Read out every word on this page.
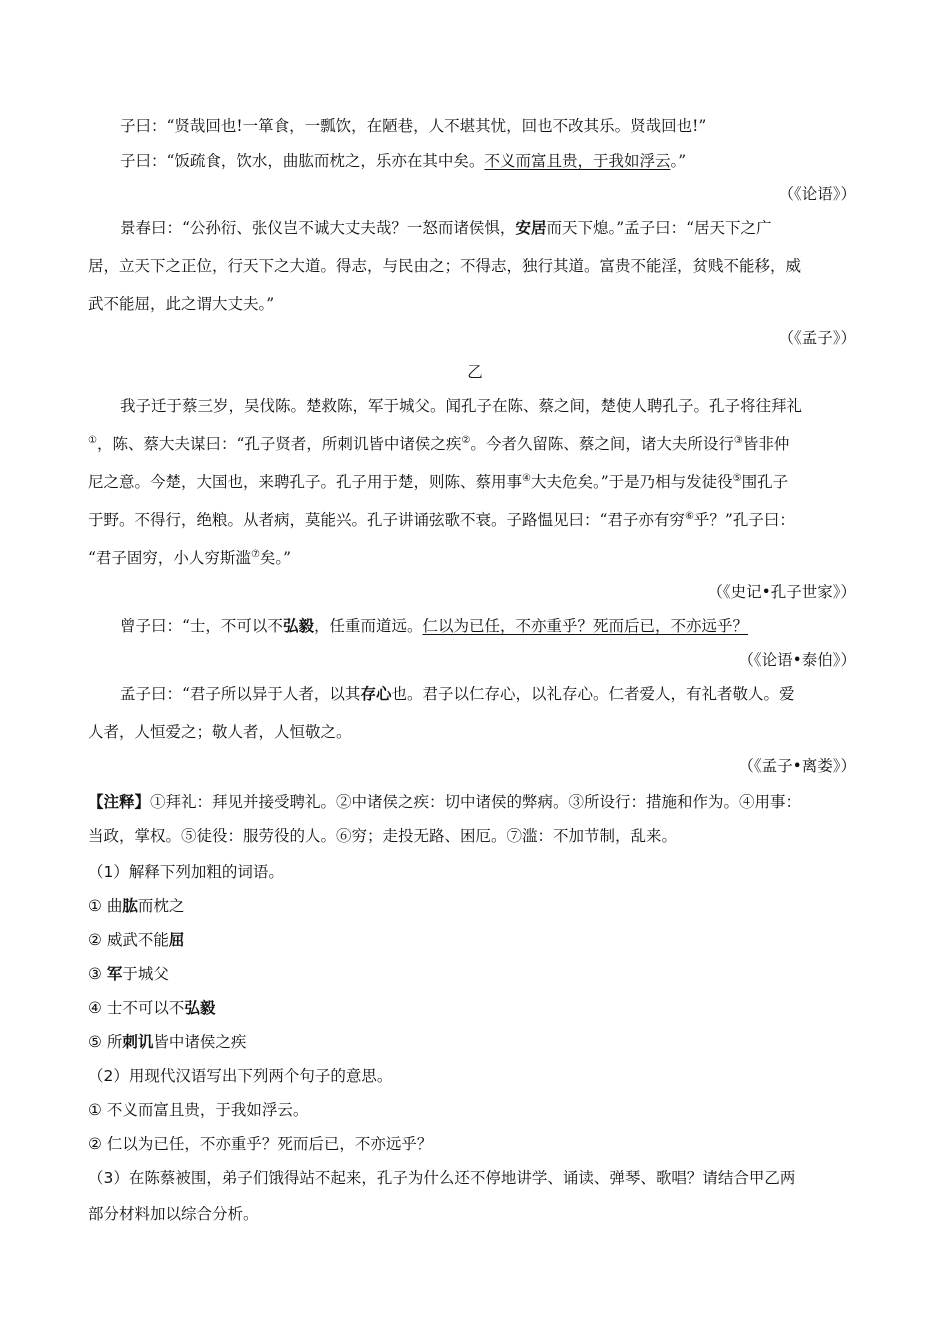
子曰：“贤哉回也!一箪食，一瓢饮，在陋巷，人不堪其忧，回也不改其乐。贤哉回也!”
子曰：“饭疏食，饮水，曲肱而枕之，乐亦在其中矣。不义而富且贵，于我如浮云。”
（《论语》）
景春曰：“公孙衍、张仪岂不诚大丈夫哉？一怒而诸侯惧，安居而天下熄。”孟子曰：“居天下之广
居，立天下之正位，行天下之大道。得志，与民由之；不得志，独行其道。富贵不能淫，贫贱不能移，威
武不能屈，此之谓大丈夫。”
（《孟子》）
乙
我子迁于蔡三岁，吴伐陈。楚救陈，军于城父。闻孔子在陈、蔡之间，楚使人聘孔子。孔子将往拜礼
①，陈、蔡大夫谋曰：“孔子贤者，所刺讥皆中诸侯之疾②。今者久留陈、蔡之间，诸大夫所设行③皆非仲
尼之意。今楚，大国也，来聘孔子。孔子用于楚，则陈、蔡用事④大夫危矣。”于是乃相与发徒役⑤围孔子
于野。不得行，绝粮。从者病，莫能兴。孔子讲诵弦歌不衰。子路愠见曰：“君子亦有穷⑥乎？”孔子曰：
“君子固穷，小人穷斯滥⑦矣。”
（《史记•孔子世家》）
曾子曰：“士，不可以不弘毅，任重而道远。仁以为已任，不亦重乎？死而后已，不亦远乎？
（《论语•泰伯》）
孟子曰：“君子所以异于人者，以其存心也。君子以仁存心，以礼存心。仁者爱人，有礼者敬人。爱
人者，人恒爱之；敬人者，人恒敬之。
（《孟子•离娄》）
【注释】①拜礼：拜见并接受聘礼。②中诸侯之疾：切中诸侯的弊病。③所设行：措施和作为。④用事：
当政，掌权。⑤徒役：服劳役的人。⑥穷；走投无路、困厄。⑦滥：不加节制，乱来。
（1）解释下列加粗的词语。
① 曲肱而枕之
② 威武不能屈
③ 军于城父
④ 士不可以不弘毅
⑤ 所刺讥皆中诸侯之疾
（2）用现代汉语写出下列两个句子的意思。
① 不义而富且贵，于我如浮云。
② 仁以为已任，不亦重乎？死而后已，不亦远乎？
（3）在陈蔡被围，弟子们饿得站不起来，孔子为什么还不停地讲学、诵读、弹琴、歌唱？请结合甲乙两
部分材料加以综合分析。
